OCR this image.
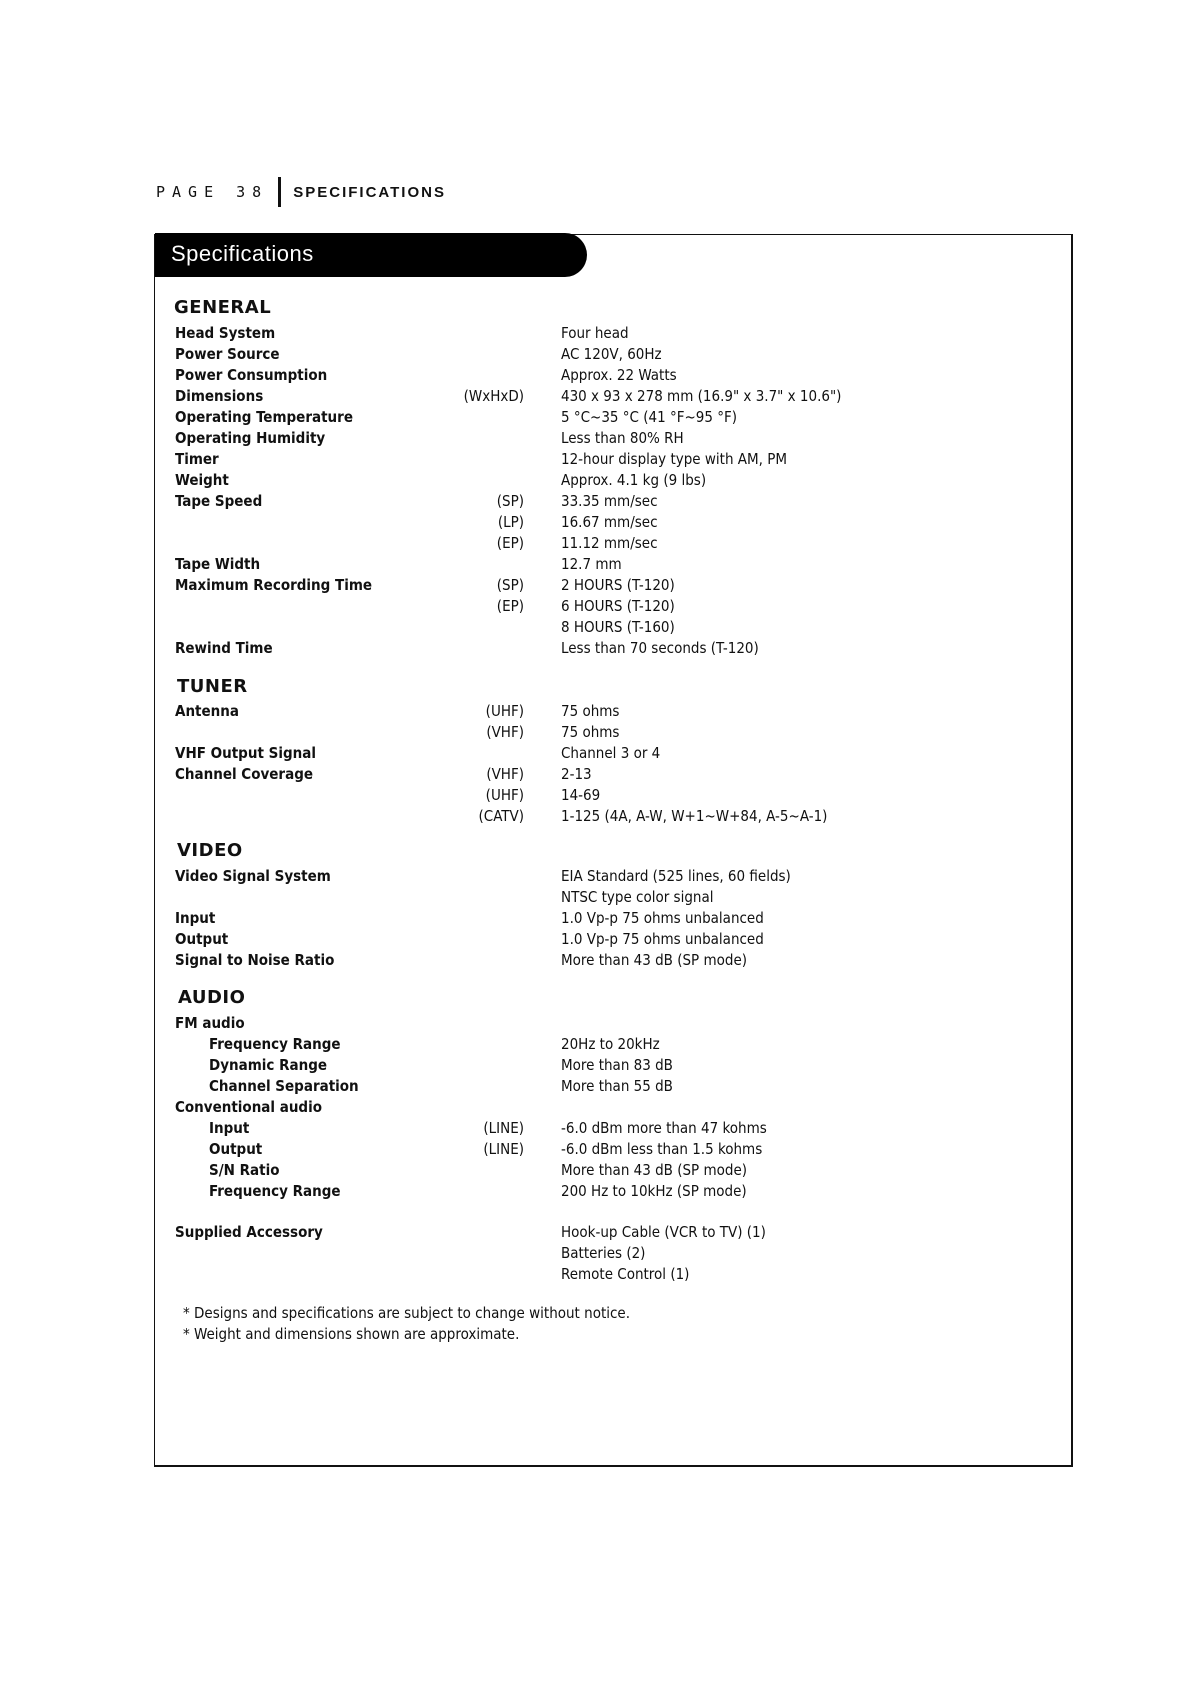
PAGE 38 SPECIFICATIONS
Specifications
GENERAL
Head System	Four head
Power Source	AC 120V, 60Hz
Power Consumption	Approx. 22 Watts
Dimensions	(WxHxD) 430 x 93 x 278 mm (16.9" x 3.7" x 10.6")
Operating Temperature	5 °C~35 °C (41 °F~95 °F)
Operating Humidity	Less than 80% RH
Timer	12-hour display type with AM, PM
Weight	Approx. 4.1 kg (9 lbs)
Tape Speed	(SP) 33.35 mm/sec
(LP) 16.67 mm/sec
(EP) 11.12 mm/sec
Tape Width	12.7 mm
Maximum Recording Time	(SP) 2 HOURS (T-120)
(EP) 6 HOURS (T-120)
8 HOURS (T-160)
Rewind Time	Less than 70 seconds (T-120)
TUNER
Antenna	(UHF) 75 ohms
(VHF) 75 ohms
VHF Output Signal	Channel 3 or 4
Channel Coverage	(VHF) 2-13
(UHF) 14-69
(CATV) 1-125 (4A, A-W, W+1~W+84, A-5~A-1)
VIDEO
Video Signal System	EIA Standard (525 lines, 60 fields)
NTSC type color signal
Input	1.0 Vp-p 75 ohms unbalanced
Output	1.0 Vp-p 75 ohms unbalanced
Signal to Noise Ratio	More than 43 dB (SP mode)
AUDIO
FM audio
Frequency Range	20Hz to 20kHz
Dynamic Range	More than 83 dB
Channel Separation	More than 55 dB
Conventional audio
Input	(LINE) -6.0 dBm more than 47 kohms
Output	(LINE) -6.0 dBm less than 1.5 kohms
S/N Ratio	More than 43 dB (SP mode)
Frequency Range	200 Hz to 10kHz (SP mode)
Supplied Accessory	Hook-up Cable (VCR to TV) (1)
Batteries (2)
Remote Control (1)
* Designs and specifications are subject to change without notice.
* Weight and dimensions shown are approximate.
